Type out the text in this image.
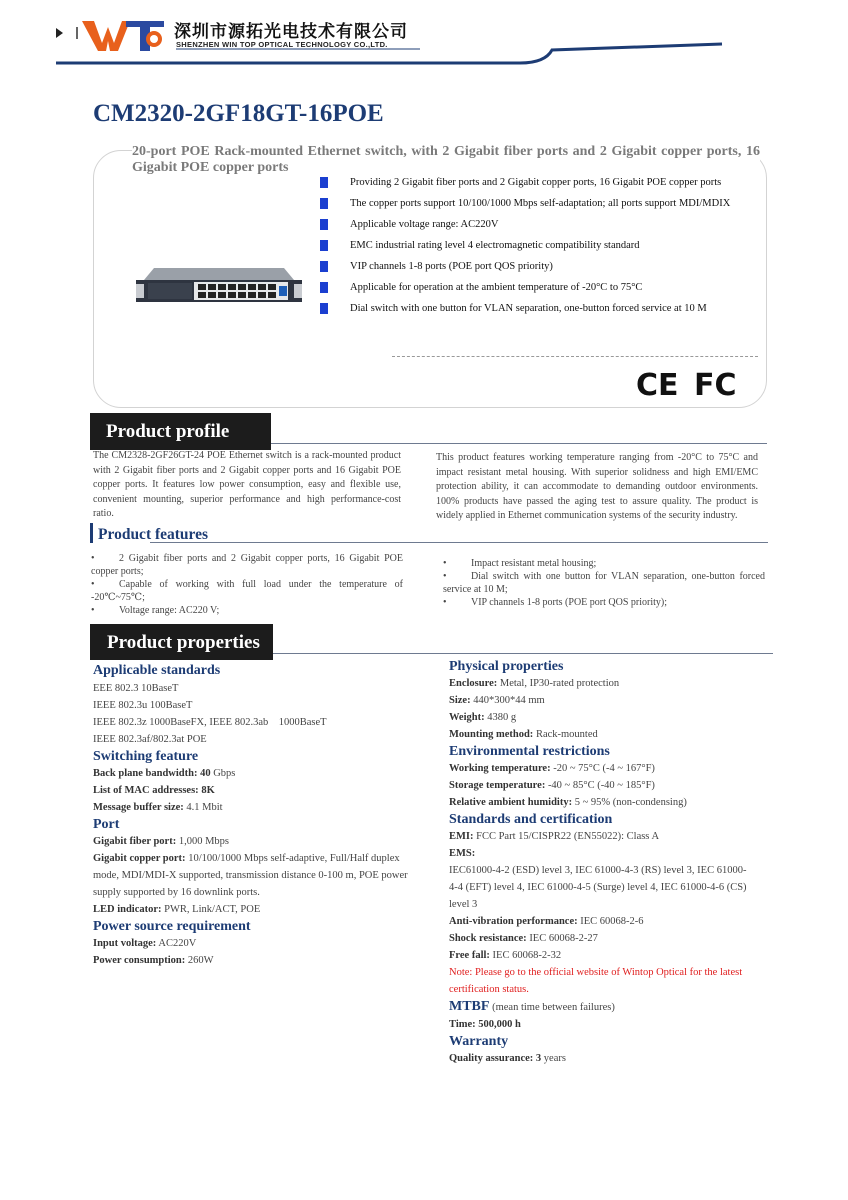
深圳市源拓光电技术有限公司
SHENZHEN WIN TOP OPTICAL TECHNOLOGY CO.,LTD.
CM2320-2GF18GT-16POE
20-port POE Rack-mounted Ethernet switch, with 2 Gigabit fiber ports and 2 Gigabit copper ports, 16 Gigabit POE copper ports
Providing 2 Gigabit fiber ports and 2 Gigabit copper ports, 16 Gigabit POE copper ports
The copper ports support 10/100/1000 Mbps self-adaptation; all ports support MDI/MDIX
Applicable voltage range: AC220V
EMC industrial rating level 4 electromagnetic compatibility standard
VIP channels 1-8 ports (POE port QOS priority)
Applicable for operation at the ambient temperature of -20°C to 75°C
Dial switch with one button for VLAN separation, one-button forced service at 10 M
CE FC
Product profile
The CM2328-2GF26GT-24 POE Ethernet switch is a rack-mounted product with 2 Gigabit fiber ports and 2 Gigabit copper ports and 16 Gigabit POE copper ports. It features low power consumption, easy and flexible use, convenient mounting, superior performance and high performance-cost ratio.
This product features working temperature ranging from -20°C to 75°C and impact resistant metal housing. With superior solidness and high EMI/EMC protection ability, it can accommodate to demanding outdoor environments. 100% products have passed the aging test to assure quality. The product is widely applied in Ethernet communication systems of the security industry.
Product features
• 2 Gigabit fiber ports and 2 Gigabit copper ports, 16 Gigabit POE copper ports;
• Capable of working with full load under the temperature of -20℃~75℃;
• Voltage range: AC220 V;
• Impact resistant metal housing;
• Dial switch with one button for VLAN separation, one-button forced service at 10 M;
• VIP channels 1-8 ports (POE port QOS priority);
Product properties
Applicable standards
EEE 802.3 10BaseT
IEEE 802.3u 100BaseT
IEEE 802.3z 1000BaseFX, IEEE 802.3ab    1000BaseT
IEEE 802.3af/802.3at POE
Switching feature
Back plane bandwidth: 40 Gbps
List of MAC addresses: 8K
Message buffer size: 4.1 Mbit
Port
Gigabit fiber port: 1,000 Mbps
Gigabit copper port: 10/100/1000 Mbps self-adaptive, Full/Half duplex mode, MDI/MDI-X supported, transmission distance 0-100 m, POE power supply supported by 16 downlink ports.
LED indicator: PWR, Link/ACT, POE
Power source requirement
Input voltage: AC220V
Power consumption: 260W
Physical properties
Enclosure: Metal, IP30-rated protection
Size: 440*300*44 mm
Weight: 4380 g
Mounting method: Rack-mounted
Environmental restrictions
Working temperature: -20 ~ 75°C (-4 ~ 167°F)
Storage temperature: -40 ~ 85°C (-40 ~ 185°F)
Relative ambient humidity: 5 ~ 95% (non-condensing)
Standards and certification
EMI: FCC Part 15/CISPR22 (EN55022): Class A
EMS:
IEC61000-4-2 (ESD) level 3, IEC 61000-4-3 (RS) level 3, IEC 61000-4-4 (EFT) level 4, IEC 61000-4-5 (Surge) level 4, IEC 61000-4-6 (CS) level 3
Anti-vibration performance: IEC 60068-2-6
Shock resistance: IEC 60068-2-27
Free fall: IEC 60068-2-32
Note: Please go to the official website of Wintop Optical for the latest certification status.
MTBF (mean time between failures)
Time: 500,000 h
Warranty
Quality assurance: 3 years
